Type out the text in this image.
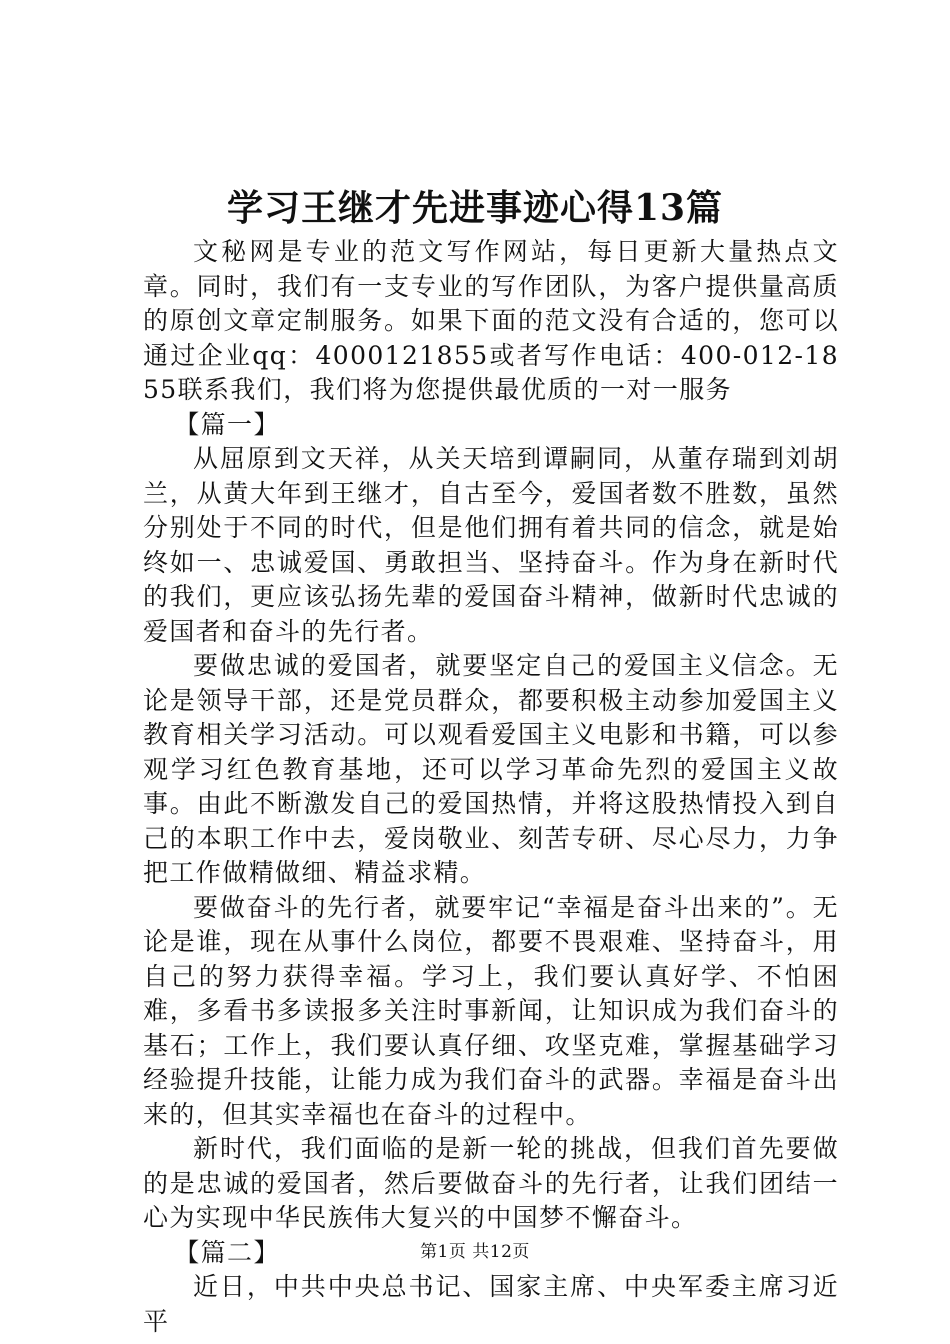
学习王继才先进事迹心得13篇

文秘网是专业的范文写作网站，每日更新大量热点文章。同时，我们有一支专业的写作团队，为客户提供量高质的原创文章定制服务。如果下面的范文没有合适的，您可以通过企业qq：4000121855或者写作电话：400-012-1855联系我们，我们将为您提供最优质的一对一服务

【篇一】

从屈原到文天祥，从关天培到谭嗣同，从董存瑞到刘胡兰，从黄大年到王继才，自古至今，爱国者数不胜数，虽然分别处于不同的时代，但是他们拥有着共同的信念，就是始终如一、忠诚爱国、勇敢担当、坚持奋斗。作为身在新时代的我们，更应该弘扬先辈的爱国奋斗精神，做新时代忠诚的爱国者和奋斗的先行者。

要做忠诚的爱国者，就要坚定自己的爱国主义信念。无论是领导干部，还是党员群众，都要积极主动参加爱国主义教育相关学习活动。可以观看爱国主义电影和书籍，可以参观学习红色教育基地，还可以学习革命先烈的爱国主义故事。由此不断激发自己的爱国热情，并将这股热情投入到自己的本职工作中去，爱岗敬业、刻苦专研、尽心尽力，力争把工作做精做细、精益求精。

要做奋斗的先行者，就要牢记“幸福是奋斗出来的”。无论是谁，现在从事什么岗位，都要不畏艰难、坚持奋斗，用自己的努力获得幸福。学习上，我们要认真好学、不怕困难，多看书多读报多关注时事新闻，让知识成为我们奋斗的基石；工作上，我们要认真仔细、攻坚克难，掌握基础学习经验提升技能，让能力成为我们奋斗的武器。幸福是奋斗出来的，但其实幸福也在奋斗的过程中。

新时代，我们面临的是新一轮的挑战，但我们首先要做的是忠诚的爱国者，然后要做奋斗的先行者，让我们团结一心为实现中华民族伟大复兴的中国梦不懈奋斗。

【篇二】

近日，中共中央总书记、国家主席、中央军委主席习近平

第1页 共12页
